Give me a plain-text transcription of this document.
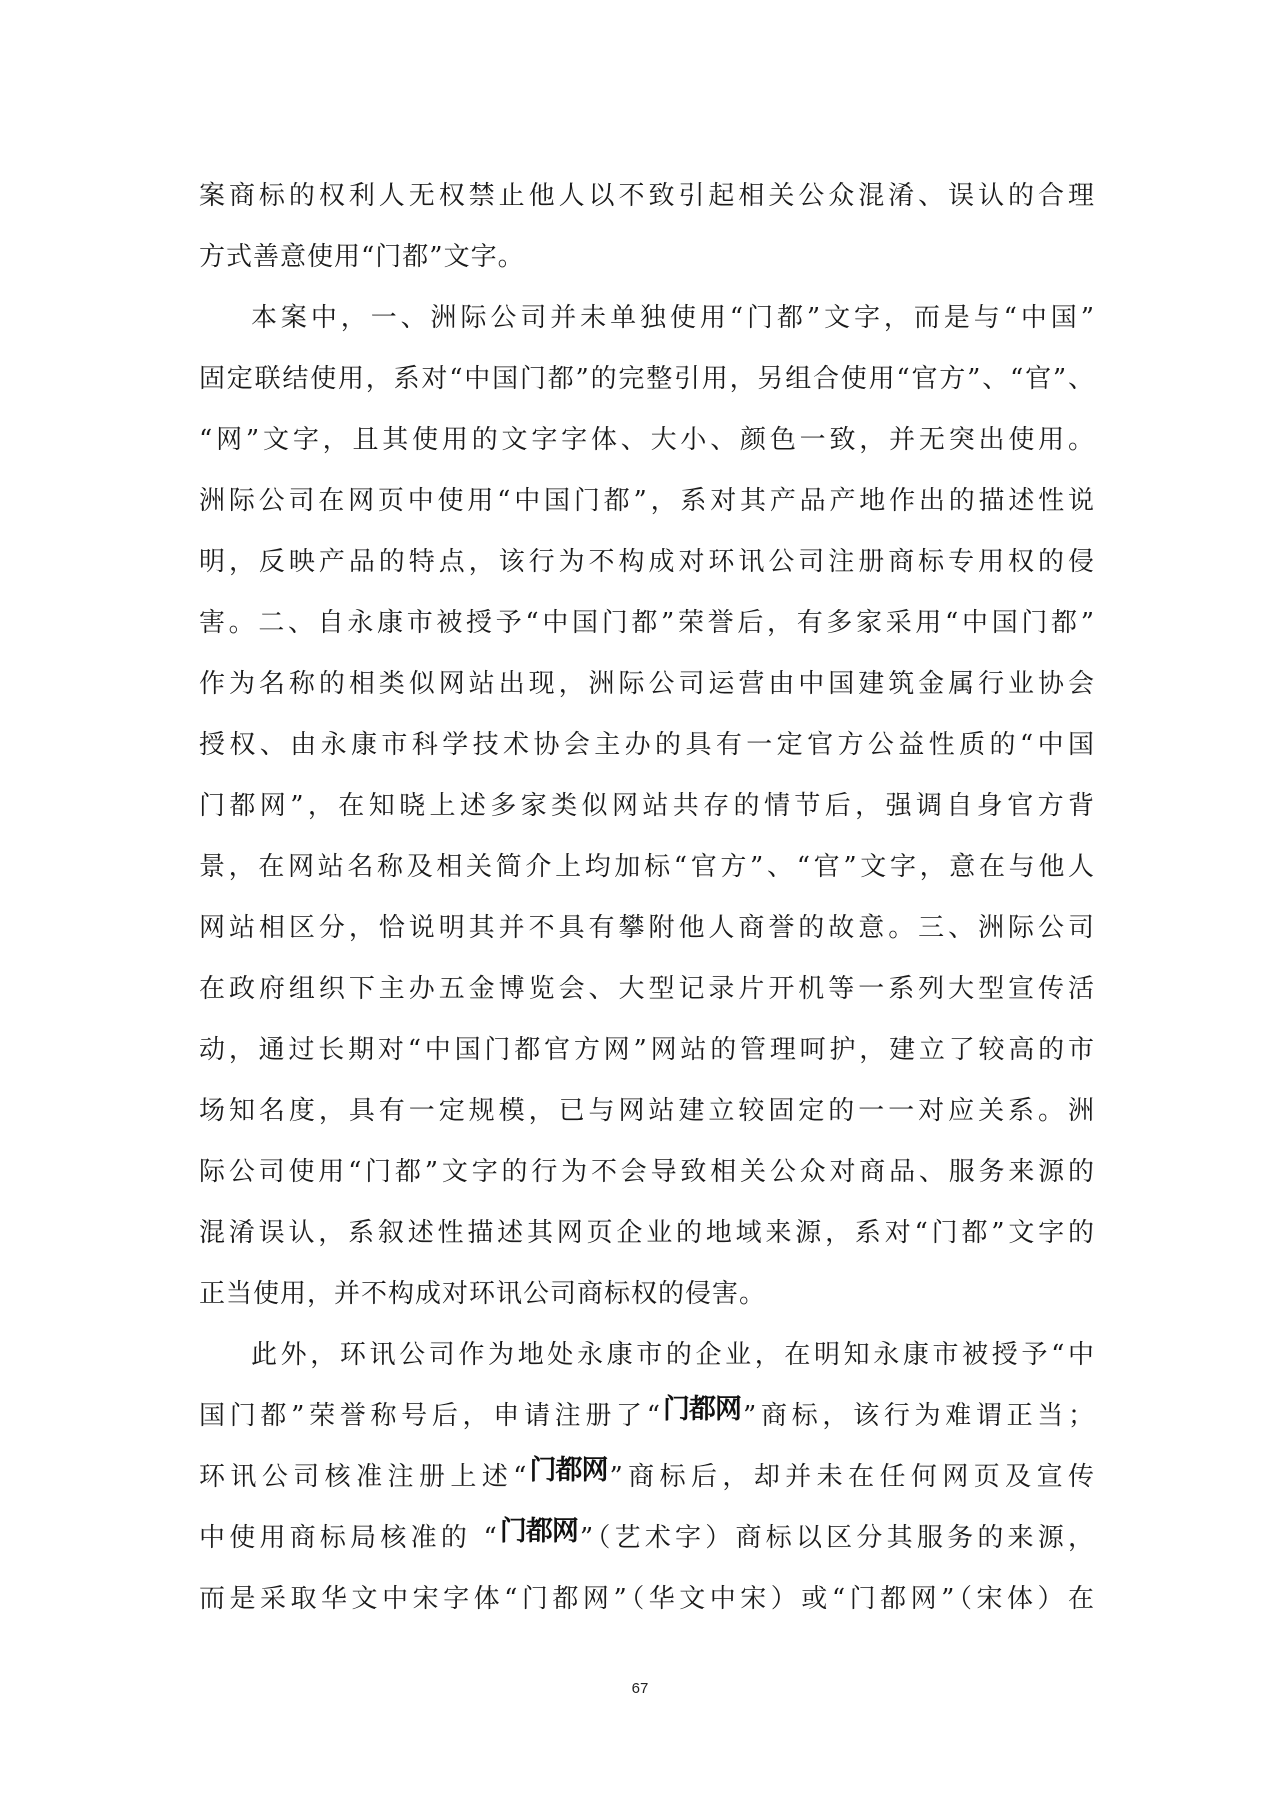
案商标的权利人无权禁止他人以不致引起相关公众混淆、误认的合理
方式善意使用“门都”文字。
本案中，一、洲际公司并未单独使用“门都”文字，而是与“中国”
固定联结使用，系对“中国门都”的完整引用，另组合使用“官方”、“官”、
“网”文字，且其使用的文字字体、大小、颜色一致，并无突出使用。
洲际公司在网页中使用“中国门都”，系对其产品产地作出的描述性说
明，反映产品的特点，该行为不构成对环讯公司注册商标专用权的侵
害。二、自永康市被授予“中国门都”荣誉后，有多家采用“中国门都”
作为名称的相类似网站出现，洲际公司运营由中国建筑金属行业协会
授权、由永康市科学技术协会主办的具有一定官方公益性质的“中国
门都网”，在知晓上述多家类似网站共存的情节后，强调自身官方背
景，在网站名称及相关简介上均加标“官方”、“官”文字，意在与他人
网站相区分，恰说明其并不具有攀附他人商誉的故意。三、洲际公司
在政府组织下主办五金博览会、大型记录片开机等一系列大型宣传活
动，通过长期对“中国门都官方网”网站的管理呵护，建立了较高的市
场知名度，具有一定规模，已与网站建立较固定的一一对应关系。洲
际公司使用“门都”文字的行为不会导致相关公众对商品、服务来源的
混淆误认，系叙述性描述其网页企业的地域来源，系对“门都”文字的
正当使用，并不构成对环讯公司商标权的侵害。
此外，环讯公司作为地处永康市的企业，在明知永康市被授予“中
国门都”荣誉称号后，申请注册了“门都网”商标，该行为难谓正当；
环讯公司核准注册上述“门都网”商标后，却并未在任何网页及宣传
中使用商标局核准的 “门都网”（艺术字）商标以区分其服务的来源，
而是采取华文中宋字体“门都网”（华文中宋）或“门都网”（宋体）在
67
